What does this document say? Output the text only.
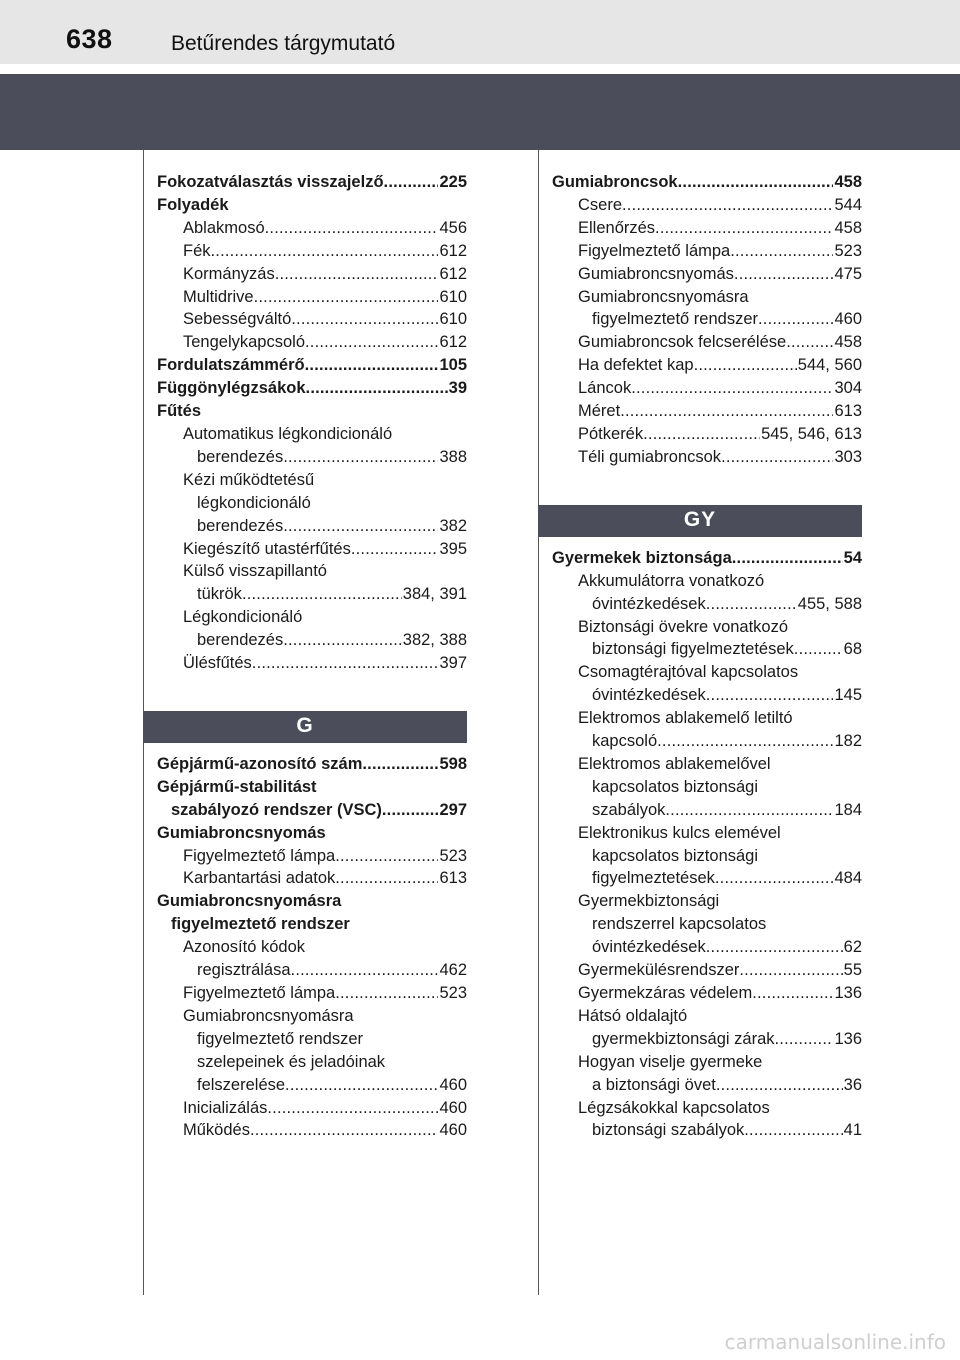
638	Betűrendes tárgymutató
Fokozatválasztás visszajelző .....	225
Folyadék
Ablakmosó .....	456
Fék .....	612
Kormányzás .....	612
Multidrive .....	610
Sebességváltó .....	610
Tengelykapcsoló .....	612
Fordulatszámmérő .....	105
Függönylégzsákok .....	39
Fűtés
Automatikus légkondicionáló
berendezés .....	388
Kézi működtetésű
légkondicionáló
berendezés .....	382
Kiegészítő utastérfűtés .....	395
Külső visszapillantó
tükrök .....	384, 391
Légkondicionáló
berendezés .....	382, 388
Ülésfűtés .....	397
G
Gépjármű-azonosító szám .....	598
Gépjármű-stabilitást
szabályozó rendszer (VSC) .....	297
Gumiabroncsnyomás
Figyelmeztető lámpa .....	523
Karbantartási adatok .....	613
Gumiabroncsnyomásra
figyelmeztető rendszer
Azonosító kódok
regisztrálása .....	462
Figyelmeztető lámpa .....	523
Gumiabroncsnyomásra
figyelmeztető rendszer
szelepeinek és jeladóinak
felszerelése .....	460
Inicializálás .....	460
Működés .....	460
Gumiabroncsok .....	458
Csere .....	544
Ellenőrzés .....	458
Figyelmeztető lámpa .....	523
Gumiabroncsnyomás .....	475
Gumiabroncsnyomásra
figyelmeztető rendszer .....	460
Gumiabroncsok felcserélése .....	458
Ha defektet kap .....	544, 560
Láncok .....	304
Méret .....	613
Pótkerék .....	545, 546, 613
Téli gumiabroncsok .....	303
GY
Gyermekek biztonsága .....	54
Akkumulátorra vonatkozó
óvintézkedések .....	455, 588
Biztonsági övekre vonatkozó
biztonsági figyelmeztetések .....	68
Csomagtérajtóval kapcsolatos
óvintézkedések .....	145
Elektromos ablakemelő letiltó
kapcsoló .....	182
Elektromos ablakemelővel
kapcsolatos biztonsági
szabályok .....	184
Elektronikus kulcs elemével
kapcsolatos biztonsági
figyelmeztetések .....	484
Gyermekbiztonsági
rendszerrel kapcsolatos
óvintézkedések .....	62
Gyermekülésrendszer .....	55
Gyermekzáras védelem .....	136
Hátsó oldalajtó
gyermekbiztonsági zárak .....	136
Hogyan viselje gyermeke
a biztonsági övet .....	36
Légzsákokkal kapcsolatos
biztonsági szabályok .....	41
carmanualsonline.info
